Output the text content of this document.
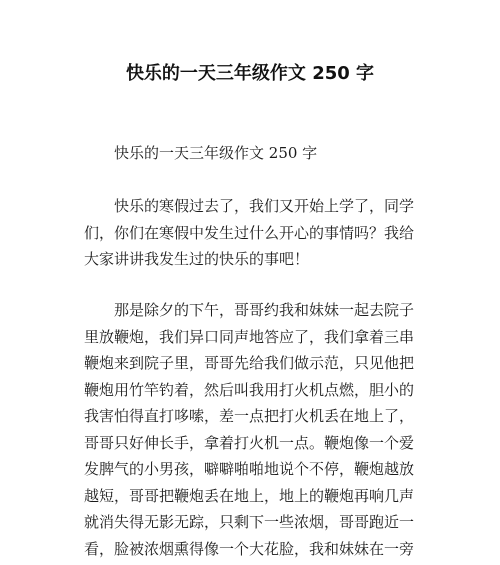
快乐的一天三年级作文 250 字

快乐的一天三年级作文 250 字

快乐的寒假过去了，我们又开始上学了，同学
们，你们在寒假中发生过什么开心的事情吗？我给
大家讲讲我发生过的快乐的事吧！

那是除夕的下午，哥哥约我和妹妹一起去院子
里放鞭炮，我们异口同声地答应了，我们拿着三串
鞭炮来到院子里，哥哥先给我们做示范，只见他把
鞭炮用竹竿钓着，然后叫我用打火机点燃，胆小的
我害怕得直打哆嗦，差一点把打火机丢在地上了，
哥哥只好伸长手，拿着打火机一点。鞭炮像一个爱
发脾气的小男孩，噼噼啪啪地说个不停，鞭炮越放
越短，哥哥把鞭炮丢在地上，地上的鞭炮再响几声
就消失得无影无踪，只剩下一些浓烟，哥哥跑近一
看，脸被浓烟熏得像一个大花脸，我和妹妹在一旁
